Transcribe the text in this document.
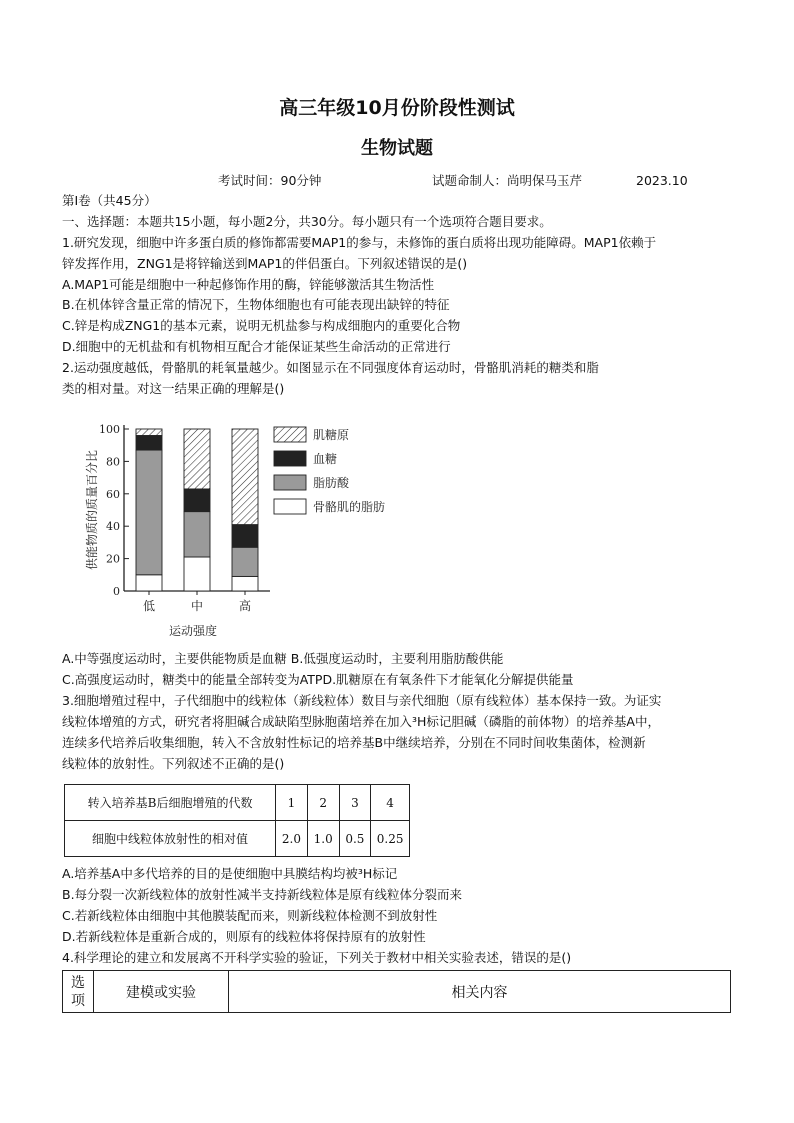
高三年级10月份阶段性测试
生物试题
考试时间：90分钟	试题命制人：尚明保马玉芹	2023.10
第Ⅰ卷（共45分）
一、选择题：本题共15小题，每小题2分，共30分。每小题只有一个选项符合题目要求。
1.研究发现，细胞中许多蛋白质的修饰都需要MAP1的参与，未修饰的蛋白质将出现功能障碍。MAP1依赖于
锌发挥作用，ZNG1是将锌输送到MAP1的伴侣蛋白。下列叙述错误的是()
A.MAP1可能是细胞中一种起修饰作用的酶，锌能够激活其生物活性
B.在机体锌含量正常的情况下，生物体细胞也有可能表现出缺锌的特征
C.锌是构成ZNG1的基本元素，说明无机盐参与构成细胞内的重要化合物
D.细胞中的无机盐和有机物相互配合才能保证某些生命活动的正常进行
2.运动强度越低，骨骼肌的耗氧量越少。如图显示在不同强度体育运动时，骨骼肌消耗的糖类和脂
类的相对量。对这一结果正确的理解是()
0
20
40
60
80
100
供能物质的质量百分比
低	中	高
运动强度
肌糖原
血糖
脂肪酸
骨骼肌的脂肪
A.中等强度运动时，主要供能物质是血糖 B.低强度运动时，主要利用脂肪酸供能
C.高强度运动时，糖类中的能量全部转变为ATPD.肌糖原在有氧条件下才能氧化分解提供能量
3.细胞增殖过程中，子代细胞中的线粒体（新线粒体）数目与亲代细胞（原有线粒体）基本保持一致。为证实
线粒体增殖的方式，研究者将胆碱合成缺陷型脉胞菌培养在加入³H标记胆碱（磷脂的前体物）的培养基A中，
连续多代培养后收集细胞，转入不含放射性标记的培养基B中继续培养，分别在不同时间收集菌体，检测新
线粒体的放射性。下列叙述不正确的是()
转入培养基B后细胞增殖的代数	1	2	3	4
细胞中线粒体放射性的相对值	2.0	1.0	0.5	0.25
A.培养基A中多代培养的目的是使细胞中具膜结构均被³H标记
B.每分裂一次新线粒体的放射性减半支持新线粒体是原有线粒体分裂而来
C.若新线粒体由细胞中其他膜装配而来，则新线粒体检测不到放射性
D.若新线粒体是重新合成的，则原有的线粒体将保持原有的放射性
4.科学理论的建立和发展离不开科学实验的验证，下列关于教材中相关实验表述，错误的是()
选项	建模或实验	相关内容
